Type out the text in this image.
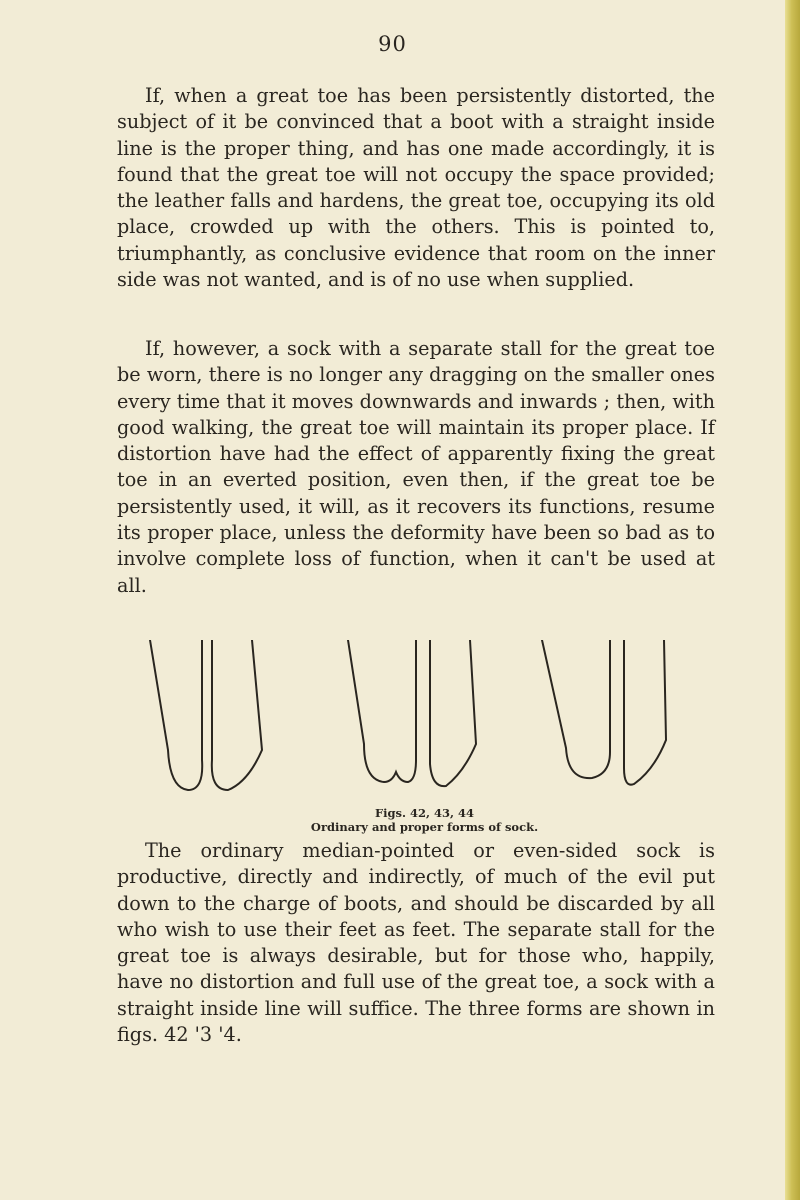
90

If, when a great toe has been persistently distorted, the subject of it be convinced that a boot with a straight inside line is the proper thing, and has one made accordingly, it is found that the great toe will not occupy the space provided; the leather falls and hardens, the great toe, occupying its old place, crowded up with the others. This is pointed to, triumphantly, as conclusive evidence that room on the inner side was not wanted, and is of no use when supplied.

If, however, a sock with a separate stall for the great toe be worn, there is no longer any dragging on the smaller ones every time that it moves downwards and inwards ; then, with good walking, the great toe will maintain its proper place. If distortion have had the effect of apparently fixing the great toe in an everted position, even then, if the great toe be persistently used, it will, as it recovers its functions, resume its proper place, unless the deformity have been so bad as to involve complete loss of function, when it can't be used at all.

Figs. 42, 43, 44
Ordinary and proper forms of sock.

The ordinary median-pointed or even-sided sock is productive, directly and indirectly, of much of the evil put down to the charge of boots, and should be discarded by all who wish to use their feet as feet. The separate stall for the great toe is always desirable, but for those who, happily, have no distortion and full use of the great toe, a sock with a straight inside line will suffice. The three forms are shown in figs. 42 '3 '4.
